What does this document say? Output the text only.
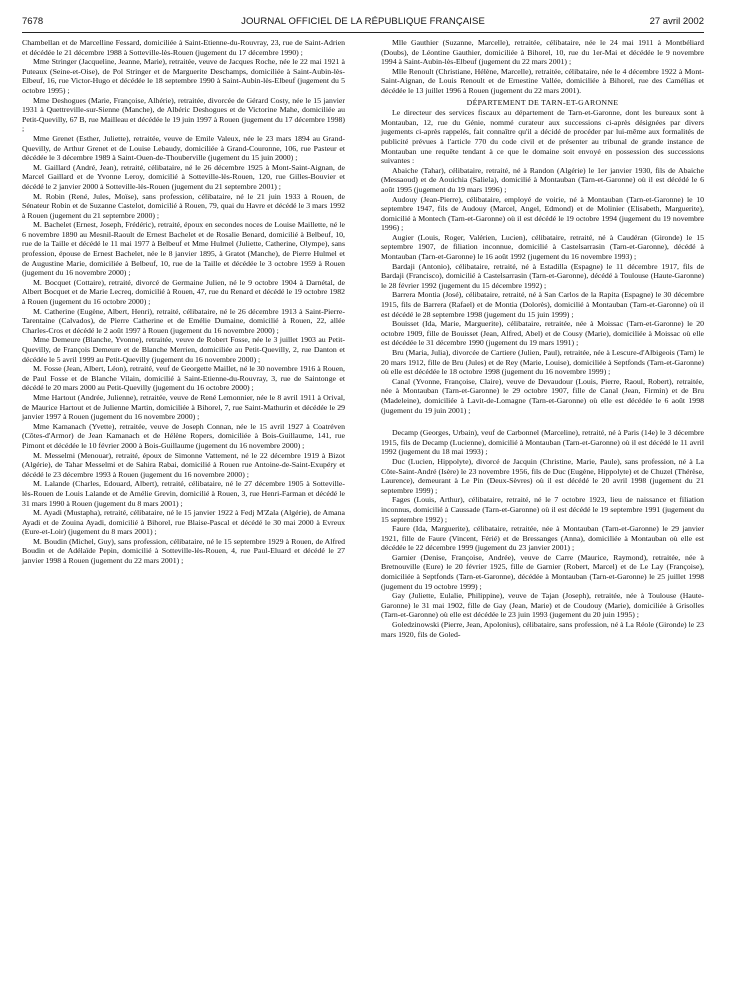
7678	JOURNAL OFFICIEL DE LA RÉPUBLIQUE FRANÇAISE	27 avril 2002

Chambellan et de Marcelline Fessard, domiciliée à Saint-Etienne-du-Rouvray, 23, rue de Saint-Adrien et décédée le 21 décembre 1988 à Sotteville-lès-Rouen (jugement du 17 décembre 1990) ;

Mme Stringer (Jacqueline, Jeanne, Marie), retraitée, veuve de Jacques Roche, née le 22 mai 1921 à Puteaux (Seine-et-Oise), de Pol Stringer et de Marguerite Deschamps, domiciliée à Saint-Aubin-lès-Elbeuf, 16, rue Victor-Hugo et décédée le 18 septembre 1990 à Saint-Aubin-lès-Elbeuf (jugement du 5 octobre 1995) ;

Mme Deshogues (Marie, Françoise, Alhérie), retraitée, divorcée de Gérard Costy, née le 15 janvier 1931 à Quettreville-sur-Sienne (Manche), de Albéric Deshogues et de Victorine Mahe, domiciliée au Petit-Quevilly, 67 B, rue Mailleau et décédée le 19 juin 1997 à Rouen (jugement du 17 décembre 1998) ;

Mme Grenet (Esther, Juliette), retraitée, veuve de Emile Valeux, née le 23 mars 1894 au Grand-Quevilly, de Arthur Grenet et de Louise Lebaudy, domiciliée à Grand-Couronne, 106, rue Pasteur et décédée le 3 décembre 1989 à Saint-Ouen-de-Thouberville (jugement du 15 juin 2000) ;

M. Gaillard (André, Jean), retraité, célibataire, né le 26 décembre 1925 à Mont-Saint-Aignan, de Marcel Gaillard et de Yvonne Leroy, domicilié à Sotteville-lès-Rouen, 120, rue Gilles-Bouvier et décédé le 2 janvier 2000 à Sotteville-lès-Rouen (jugement du 21 septembre 2001) ;

M. Robin (René, Jules, Moïse), sans profession, célibataire, né le 21 juin 1933 à Rouen, de Sénateur Robin et de Suzanne Castelot, domicilié à Rouen, 79, quai du Havre et décédé le 3 mars 1992 à Rouen (jugement du 21 septembre 2000) ;

M. Bachelet (Ernest, Joseph, Frédéric), retraité, époux en secondes noces de Louise Maillette, né le 6 novembre 1890 au Mesnil-Raoult de Ernest Bachelet et de Rosalie Benard, domicilié à Belbeuf, 10, rue de la Taille et décédé le 11 mai 1977 à Belbeuf et Mme Hulmel (Juliette, Catherine, Olympe), sans profession, épouse de Ernest Bachelet, née le 8 janvier 1895, à Gratot (Manche), de Pierre Hulmel et de Augustine Marie, domiciliée à Belbeuf, 10, rue de la Taille et décédée le 3 octobre 1959 à Rouen (jugement du 16 novembre 2000) ;

M. Bocquet (Cottaire), retraité, divorcé de Germaine Julien, né le 9 octobre 1904 à Darnétal, de Albert Bocquet et de Marie Lecreq, domicilié à Rouen, 47, rue du Renard et décédé le 19 octobre 1982 à Rouen (jugement du 16 octobre 2000) ;

M. Catherine (Eugène, Albert, Henri), retraité, célibataire, né le 26 décembre 1913 à Saint-Pierre-Tarentaine (Calvados), de Pierre Catherine et de Emélie Dumaine, domicilié à Rouen, 22, allée Charles-Cros et décédé le 2 août 1997 à Rouen (jugement du 16 novembre 2000) ;

Mme Demeure (Blanche, Yvonne), retraitée, veuve de Robert Fosse, née le 3 juillet 1903 au Petit-Quevilly, de François Demeure et de Blanche Merrien, domiciliée au Petit-Quevilly, 2, rue Danton et décédée le 5 avril 1999 au Petit-Quevilly (jugement du 16 novembre 2000) ;

M. Fosse (Jean, Albert, Léon), retraité, veuf de Georgette Maillet, né le 30 novembre 1916 à Rouen, de Paul Fosse et de Blanche Vilain, domicilié à Saint-Etienne-du-Rouvray, 3, rue de Saintonge et décédé le 20 mars 2000 au Petit-Quevilly (jugement du 16 octobre 2000) ;

Mme Hartout (Andrée, Julienne), retraitée, veuve de René Lemonnier, née le 8 avril 1911 à Orival, de Maurice Hartout et de Julienne Martin, domiciliée à Bihorel, 7, rue Saint-Mathurin et décédée le 29 janvier 1997 à Rouen (jugement du 16 novembre 2000) ;

Mme Kamanach (Yvette), retraitée, veuve de Joseph Connan, née le 15 avril 1927 à Coatréven (Côtes-d'Armor) de Jean Kamanach et de Hélène Ropers, domiciliée à Bois-Guillaume, 141, rue Pimont et décédée le 10 février 2000 à Bois-Guillaume (jugement du 16 novembre 2000) ;

M. Messelmi (Menouar), retraité, époux de Simonne Vattement, né le 22 décembre 1919 à Bizot (Algérie), de Tahar Messelmi et de Sahira Rabai, domicilié à Rouen rue Antoine-de-Saint-Exupéry et décédé le 23 décembre 1993 à Rouen (jugement du 16 novembre 2000) ;

M. Lalande (Charles, Edouard, Albert), retraité, célibataire, né le 27 décembre 1905 à Sotteville-lès-Rouen de Louis Lalande et de Amélie Grevin, domicilié à Rouen, 3, rue Henri-Farman et décédé le 31 mars 1990 à Rouen (jugement du 8 mars 2001) ;

M. Ayadi (Mustapha), retraité, célibataire, né le 15 janvier 1922 à Fedj M'Zala (Algérie), de Amana Ayadi et de Zouina Ayadi, domicilié à Bihorel, rue Blaise-Pascal et décédé le 30 mai 2000 à Evreux (Eure-et-Loir) (jugement du 8 mars 2001) ;

M. Boudin (Michel, Guy), sans profession, célibataire, né le 15 septembre 1929 à Rouen, de Alfred Boudin et de Adélaïde Pepin, domicilié à Sotteville-lès-Rouen, 4, rue Paul-Eluard et décédé le 27 janvier 1998 à Rouen (jugement du 22 mars 2001) ;

Mlle Gauthier (Suzanne, Marcelle), retraitée, célibataire, née le 24 mai 1911 à Montbéliard (Doubs), de Léontine Gauthier, domiciliée à Bihorel, 10, rue du 1er-Mai et décédée le 9 novembre 1994 à Saint-Aubin-lès-Elbeuf (jugement du 22 mars 2001) ;

Mlle Renoult (Christiane, Hélène, Marcelle), retraitée, célibataire, née le 4 décembre 1922 à Mont-Saint-Aignan, de Louis Renoult et de Ernestine Vallée, domiciliée à Bihorel, rue des Camélias et décédée le 13 juillet 1996 à Rouen (jugement du 22 mars 2001).

DÉPARTEMENT DE TARN-ET-GARONNE

Le directeur des services fiscaux au département de Tarn-et-Garonne, dont les bureaux sont à Montauban, 12, rue du Génie, nommé curateur aux successions ci-après désignées par divers jugements ci-après rappelés, fait connaître qu'il a décidé de procéder par lui-même aux formalités de publicité prévues à l'article 770 du code civil et de présenter au tribunal de grande instance de Montauban une requête tendant à ce que le domaine soit envoyé en possession des successions suivantes :

Abaiche (Tahar), célibataire, retraité, né à Randon (Algérie) le 1er janvier 1930, fils de Abaiche (Messaoud) et de Aouichia (Saliela), domicilié à Montauban (Tarn-et-Garonne) où il est décédé le 6 août 1995 (jugement du 19 mars 1996) ;

Audouy (Jean-Pierre), célibataire, employé de voirie, né à Montauban (Tarn-et-Garonne) le 10 septembre 1947, fils de Audouy (Marcel, Angel, Edmond) et de Molinier (Elisabeth, Marguerite), domicilié à Montech (Tarn-et-Garonne) où il est décédé le 19 octobre 1994 (jugement du 19 novembre 1996) ;

Augier (Louis, Roger, Valérien, Lucien), célibataire, retraité, né à Caudéran (Gironde) le 15 septembre 1907, de filiation inconnue, domicilié à Castelsarrasin (Tarn-et-Garonne), décédé à Montauban (Tarn-et-Garonne) le 16 août 1992 (jugement du 16 novembre 1993) ;

Bardaji (Antonio), célibataire, retraité, né à Estadilla (Espagne) le 11 décembre 1917, fils de Bardaji (Francisco), domicilié à Castelsarrasin (Tarn-et-Garonne), décédé à Toulouse (Haute-Garonne) le 28 février 1992 (jugement du 15 décembre 1992) ;

Barrera Montia (José), célibataire, retraité, né à San Carlos de la Rapita (Espagne) le 30 décembre 1915, fils de Barrera (Rafael) et de Montia (Dolorès), domicilié à Montauban (Tarn-et-Garonne) où il est décédé le 28 septembre 1998 (jugement du 15 juin 1999) ;

Bouisset (Ida, Marie, Marguerite), célibataire, retraitée, née à Moissac (Tarn-et-Garonne) le 20 octobre 1909, fille de Bouisset (Jean, Alfred, Abel) et de Cousy (Marie), domiciliée à Moissac où elle est décédée le 31 décembre 1990 (jugement du 19 mars 1991) ;

Bru (Maria, Julia), divorcée de Cartiere (Julien, Paul), retraitée, née à Lescure-d'Albigeois (Tarn) le 20 mars 1912, fille de Bru (Jules) et de Rey (Marie, Louise), domiciliée à Septfonds (Tarn-et-Garonne) où elle est décédée le 18 octobre 1998 (jugement du 16 novembre 1999) ;

Canal (Yvonne, Françoise, Claire), veuve de Devaudour (Louis, Pierre, Raoul, Robert), retraitée, née à Montauban (Tarn-et-Garonne) le 29 octobre 1907, fille de Canal (Jean, Firmin) et de Bru (Madeleine), domiciliée à Lavit-de-Lomagne (Tarn-et-Garonne) où elle est décédée le 6 août 1998 (jugement du 19 juin 2001) ;

Decamp (Georges, Urbain), veuf de Carbonnel (Marceline), retraité, né à Paris (14e) le 3 décembre 1915, fils de Decamp (Lucienne), domicilié à Montauban (Tarn-et-Garonne) où il est décédé le 11 avril 1992 (jugement du 18 mai 1993) ;

Duc (Lucien, Hippolyte), divorcé de Jacquin (Christine, Marie, Paule), sans profession, né à La Côte-Saint-André (Isère) le 23 novembre 1956, fils de Duc (Eugène, Hippolyte) et de Chuzel (Thérèse, Laurence), demeurant à Le Pin (Deux-Sèvres) où il est décédé le 20 avril 1998 (jugement du 21 septembre 1999) ;

Fages (Louis, Arthur), célibataire, retraité, né le 7 octobre 1923, lieu de naissance et filiation inconnus, domicilié à Caussade (Tarn-et-Garonne) où il est décédé le 19 septembre 1991 (jugement du 15 septembre 1992) ;

Faure (Ida, Marguerite), célibataire, retraitée, née à Montauban (Tarn-et-Garonne) le 29 janvier 1921, fille de Faure (Vincent, Férié) et de Bressanges (Anna), domiciliée à Montauban où elle est décédée le 22 décembre 1999 (jugement du 23 janvier 2001) ;

Garnier (Denise, Françoise, Andrée), veuve de Carre (Maurice, Raymond), retraitée, née à Bretnouville (Eure) le 20 février 1925, fille de Garnier (Robert, Marcel) et de Le Lay (Françoise), domiciliée à Septfonds (Tarn-et-Garonne), décédée à Montauban (Tarn-et-Garonne) le 25 juillet 1998 (jugement du 19 octobre 1999) ;

Gay (Juliette, Eulalie, Philippine), veuve de Tajan (Joseph), retraitée, née à Toulouse (Haute-Garonne) le 31 mai 1902, fille de Gay (Jean, Marie) et de Coudouy (Marie), domiciliée à Grisolles (Tarn-et-Garonne) où elle est décédée le 23 juin 1993 (jugement du 20 juin 1995) ;

Goledzinowski (Pierre, Jean, Apolonius), célibataire, sans profession, né à La Réole (Gironde) le 23 mars 1920, fils de Goled-
